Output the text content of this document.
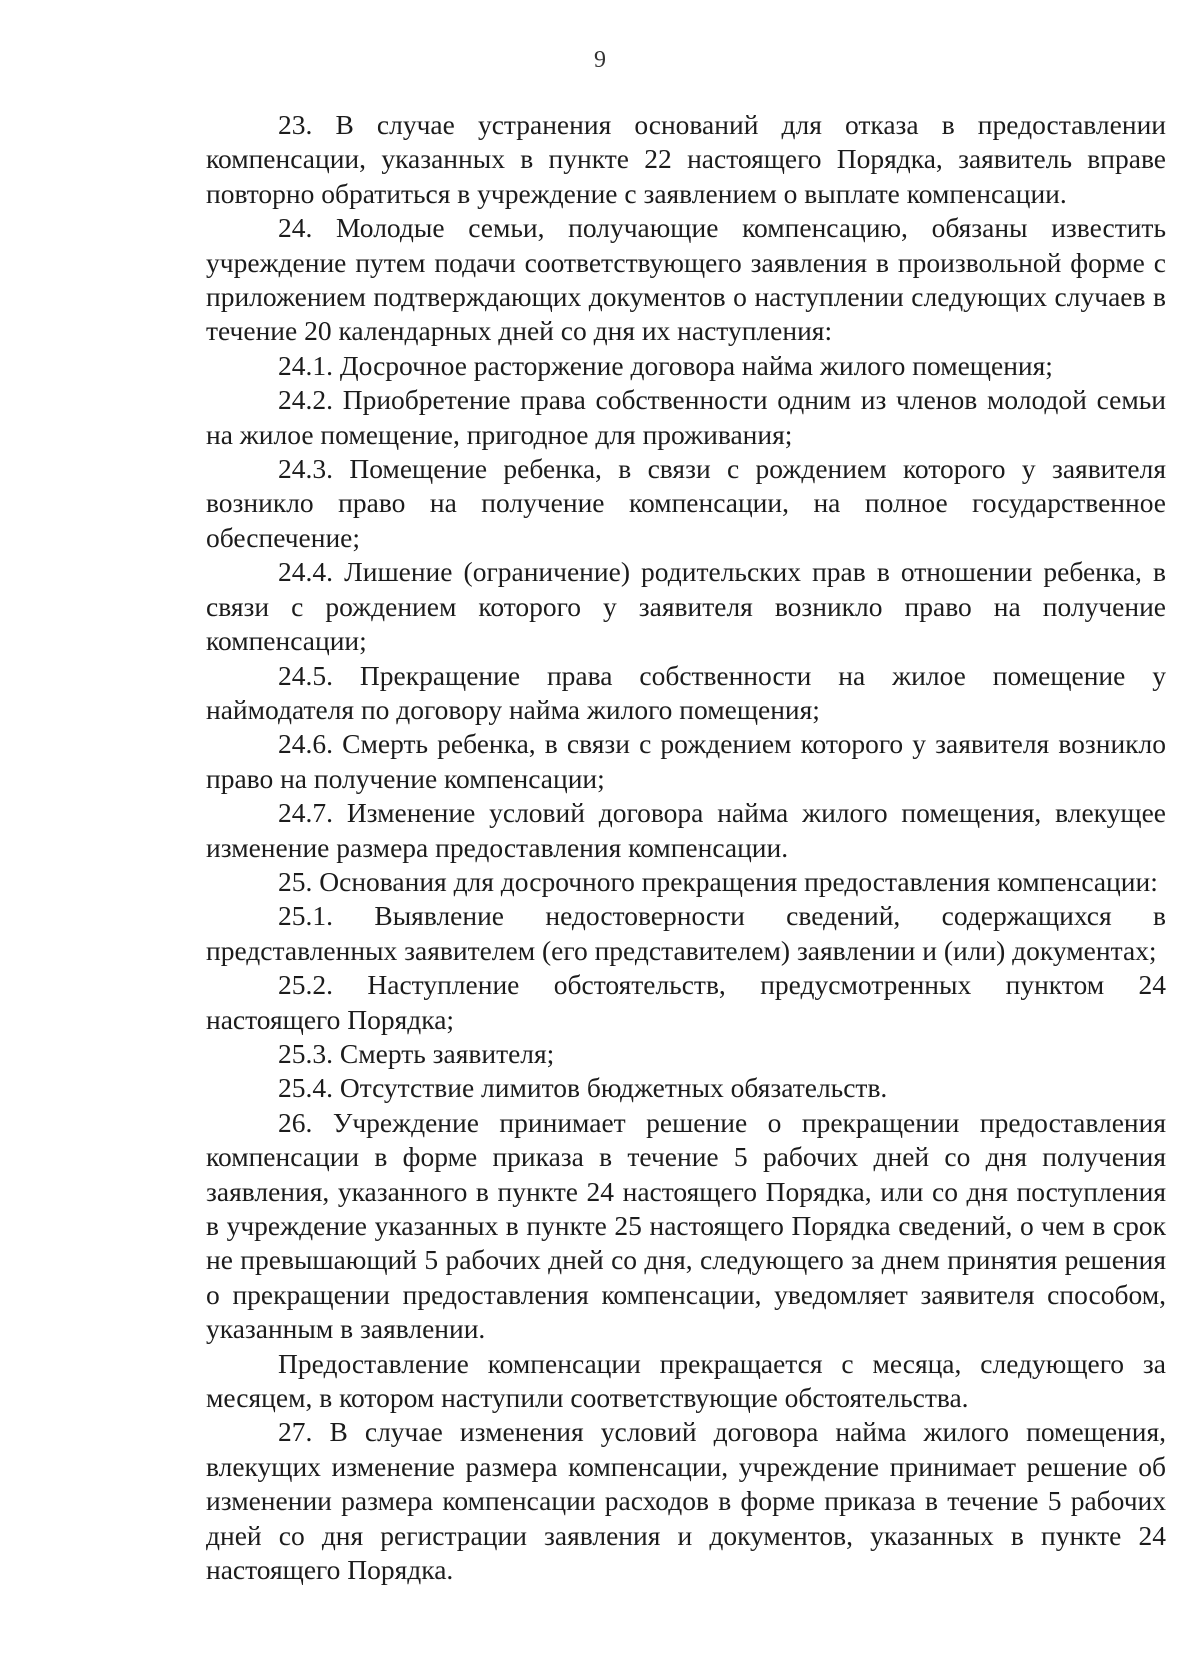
9

23. В случае устранения оснований для отказа в предоставлении компенсации, указанных в пункте 22 настоящего Порядка, заявитель вправе повторно обратиться в учреждение с заявлением о выплате компенсации.

24. Молодые семьи, получающие компенсацию, обязаны известить учреждение путем подачи соответствующего заявления в произвольной форме с приложением подтверждающих документов о наступлении следующих случаев в течение 20 календарных дней со дня их наступления:

24.1. Досрочное расторжение договора найма жилого помещения;

24.2. Приобретение права собственности одним из членов молодой семьи на жилое помещение, пригодное для проживания;

24.3. Помещение ребенка, в связи с рождением которого у заявителя возникло право на получение компенсации, на полное государственное обеспечение;

24.4. Лишение (ограничение) родительских прав в отношении ребенка, в связи с рождением которого у заявителя возникло право на получение компенсации;

24.5. Прекращение права собственности на жилое помещение у наймодателя по договору найма жилого помещения;

24.6. Смерть ребенка, в связи с рождением которого у заявителя возникло право на получение компенсации;

24.7. Изменение условий договора найма жилого помещения, влекущее изменение размера предоставления компенсации.

25. Основания для досрочного прекращения предоставления компенсации:

25.1. Выявление недостоверности сведений, содержащихся в представленных заявителем (его представителем) заявлении и (или) документах;

25.2. Наступление обстоятельств, предусмотренных пунктом 24 настоящего Порядка;

25.3. Смерть заявителя;

25.4. Отсутствие лимитов бюджетных обязательств.

26. Учреждение принимает решение о прекращении предоставления компенсации в форме приказа в течение 5 рабочих дней со дня получения заявления, указанного в пункте 24 настоящего Порядка, или со дня поступления в учреждение указанных в пункте 25 настоящего Порядка сведений, о чем в срок не превышающий 5 рабочих дней со дня, следующего за днем принятия решения о прекращении предоставления компенсации, уведомляет заявителя способом, указанным в заявлении.

Предоставление компенсации прекращается с месяца, следующего за месяцем, в котором наступили соответствующие обстоятельства.

27. В случае изменения условий договора найма жилого помещения, влекущих изменение размера компенсации, учреждение принимает решение об изменении размера компенсации расходов в форме приказа в течение 5 рабочих дней со дня регистрации заявления и документов, указанных в пункте 24 настоящего Порядка.
